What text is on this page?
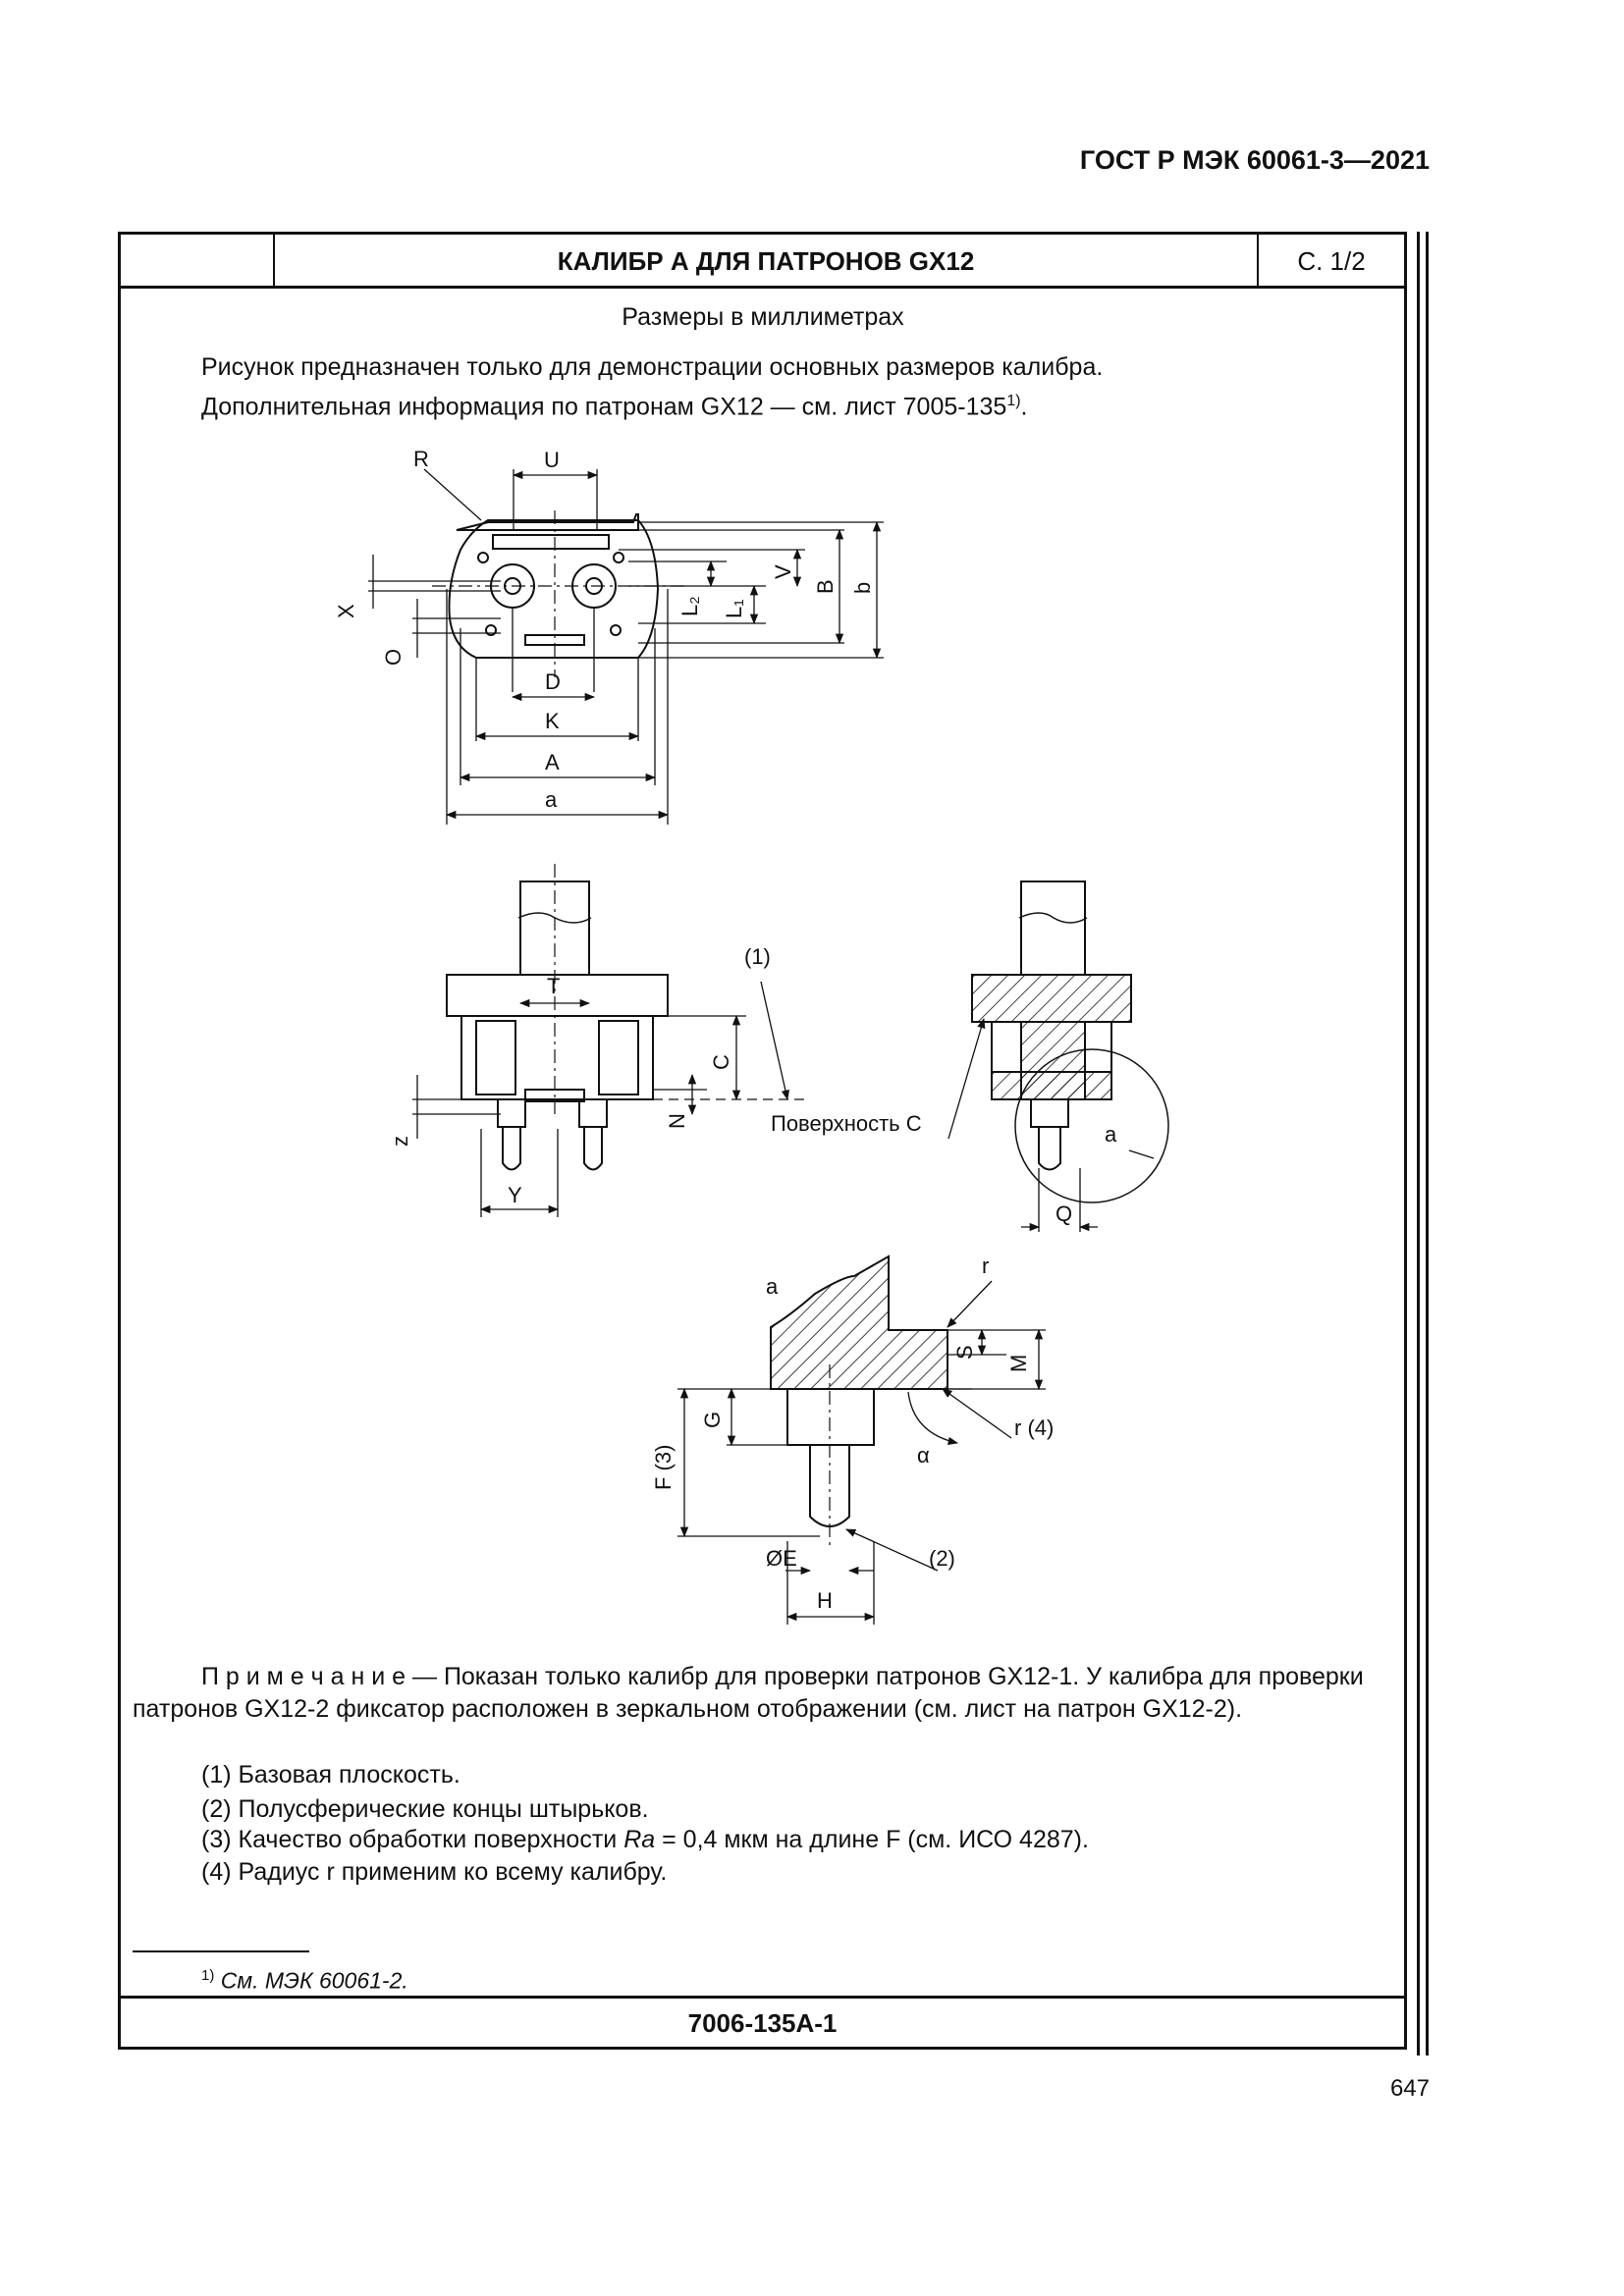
ГОСТ Р МЭК 60061-3—2021
КАЛИБР А ДЛЯ ПАТРОНОВ GX12	С. 1/2
7006-135A-1
Размеры в миллиметрах
Рисунок предназначен только для демонстрации основных размеров калибра.
Дополнительная информация по патронам GX12 — см. лист 7005-135$^{1)}$.
R	U
D
K
A
a
X
O
V
B b
L₂ L₁
T
C
N
z
Y
(1)
Поверхность C	a
Q
a
r
S
M
G
F (3)
r (4)
α
ØE	(2)
H
П р и м е ч а н и е — Показан только калибр для проверки патронов GX12-1. У калибра для проверки
патронов GX12-2 фиксатор расположен в зеркальном отображении (см. лист на патрон GX12-2).
(1) Базовая плоскость.
(2) Полусферические концы штырьков.
(3) Качество обработки поверхности Ra = 0,4 мкм на длине F (см. ИСО 4287).
(4) Радиус r применим ко всему калибру.
$^{1)}$ См. МЭК 60061-2.
647
